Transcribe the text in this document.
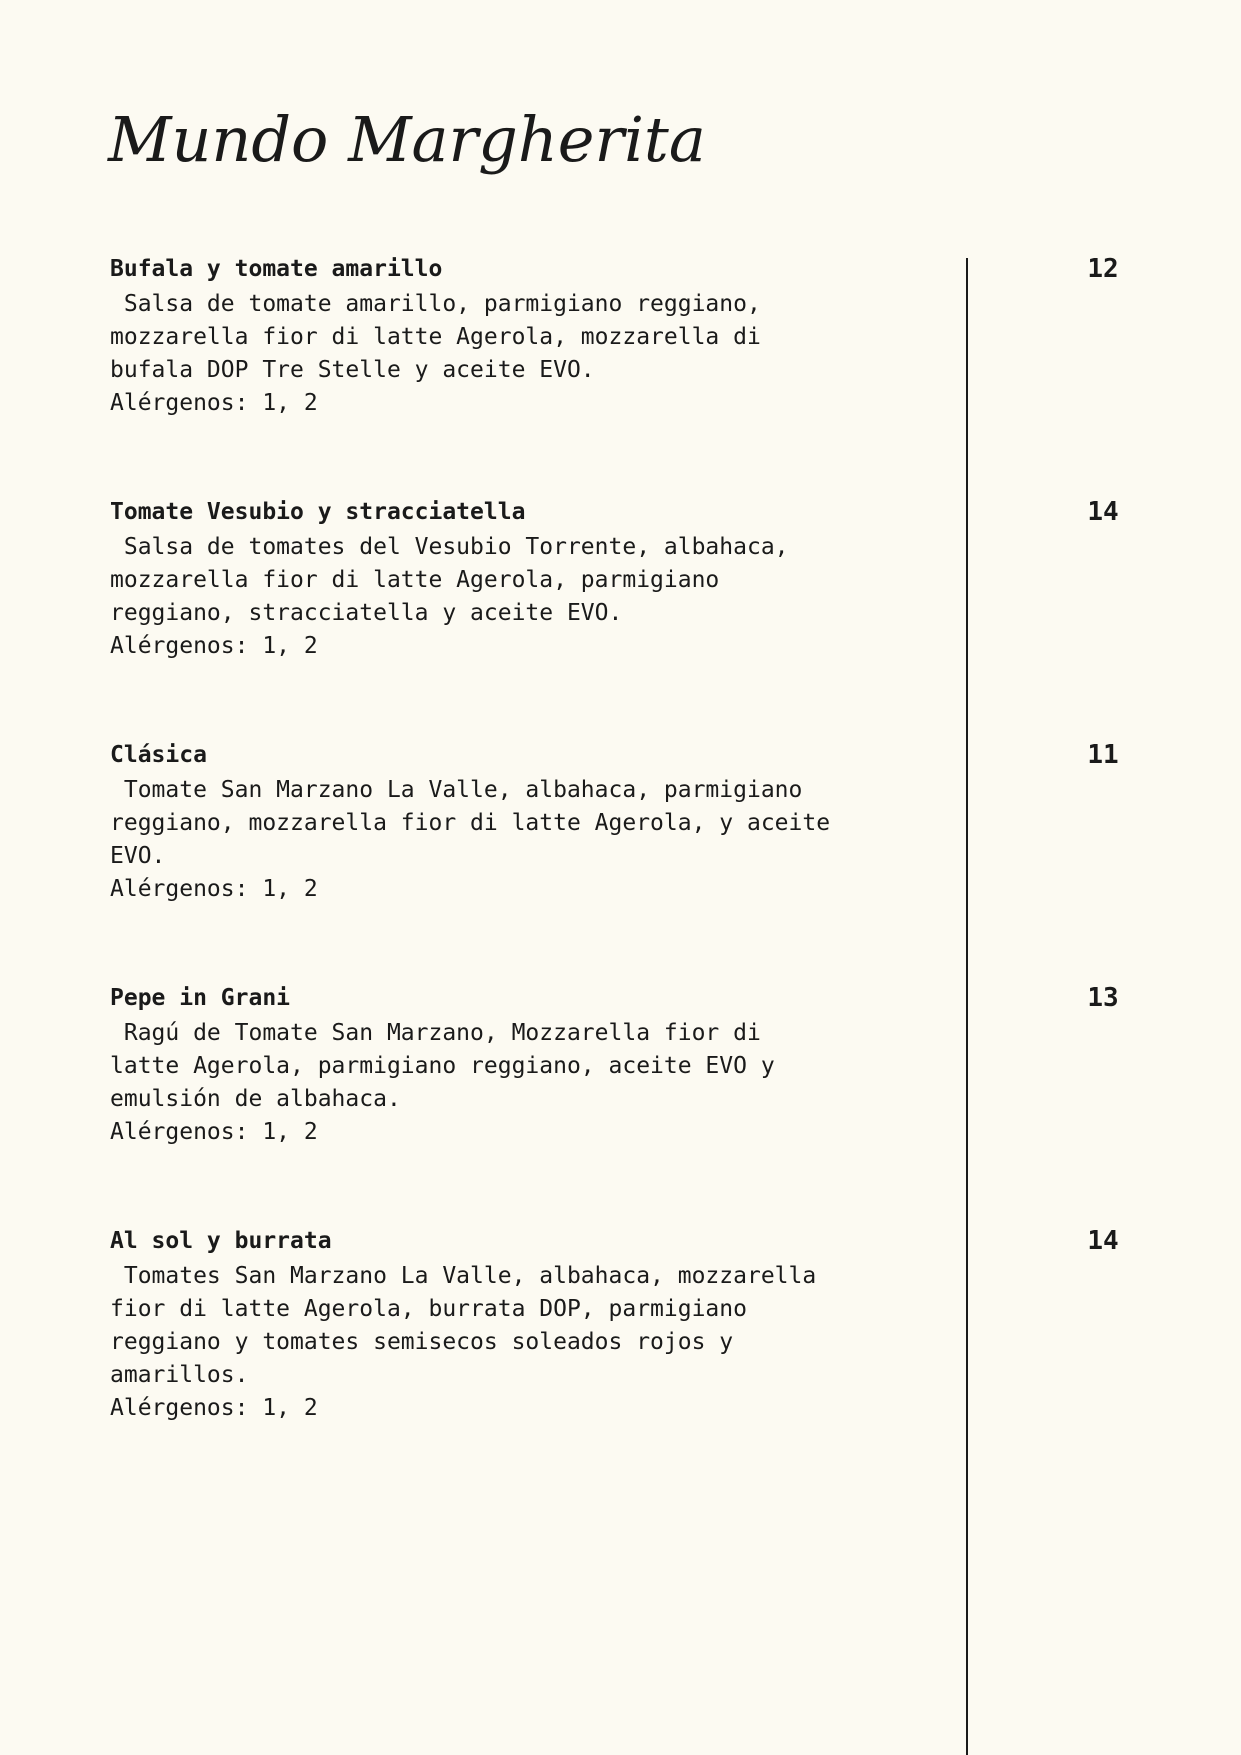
Mundo Margherita
Bufala y tomate amarillo
Salsa de tomate amarillo, parmigiano reggiano,
mozzarella fior di latte Agerola, mozzarella di
bufala DOP Tre Stelle y aceite EVO.
Alérgenos: 1, 2
12
Tomate Vesubio y stracciatella
Salsa de tomates del Vesubio Torrente, albahaca,
mozzarella fior di latte Agerola, parmigiano
reggiano, stracciatella y aceite EVO.
Alérgenos: 1, 2
14
Clásica
Tomate San Marzano La Valle, albahaca, parmigiano
reggiano, mozzarella fior di latte Agerola, y aceite
EVO.
Alérgenos: 1, 2
11
Pepe in Grani
Ragú de Tomate San Marzano, Mozzarella fior di
latte Agerola, parmigiano reggiano, aceite EVO y
emulsión de albahaca.
Alérgenos: 1, 2
13
Al sol y burrata
Tomates San Marzano La Valle, albahaca, mozzarella
fior di latte Agerola, burrata DOP, parmigiano
reggiano y tomates semisecos soleados rojos y
amarillos.
Alérgenos: 1, 2
14
